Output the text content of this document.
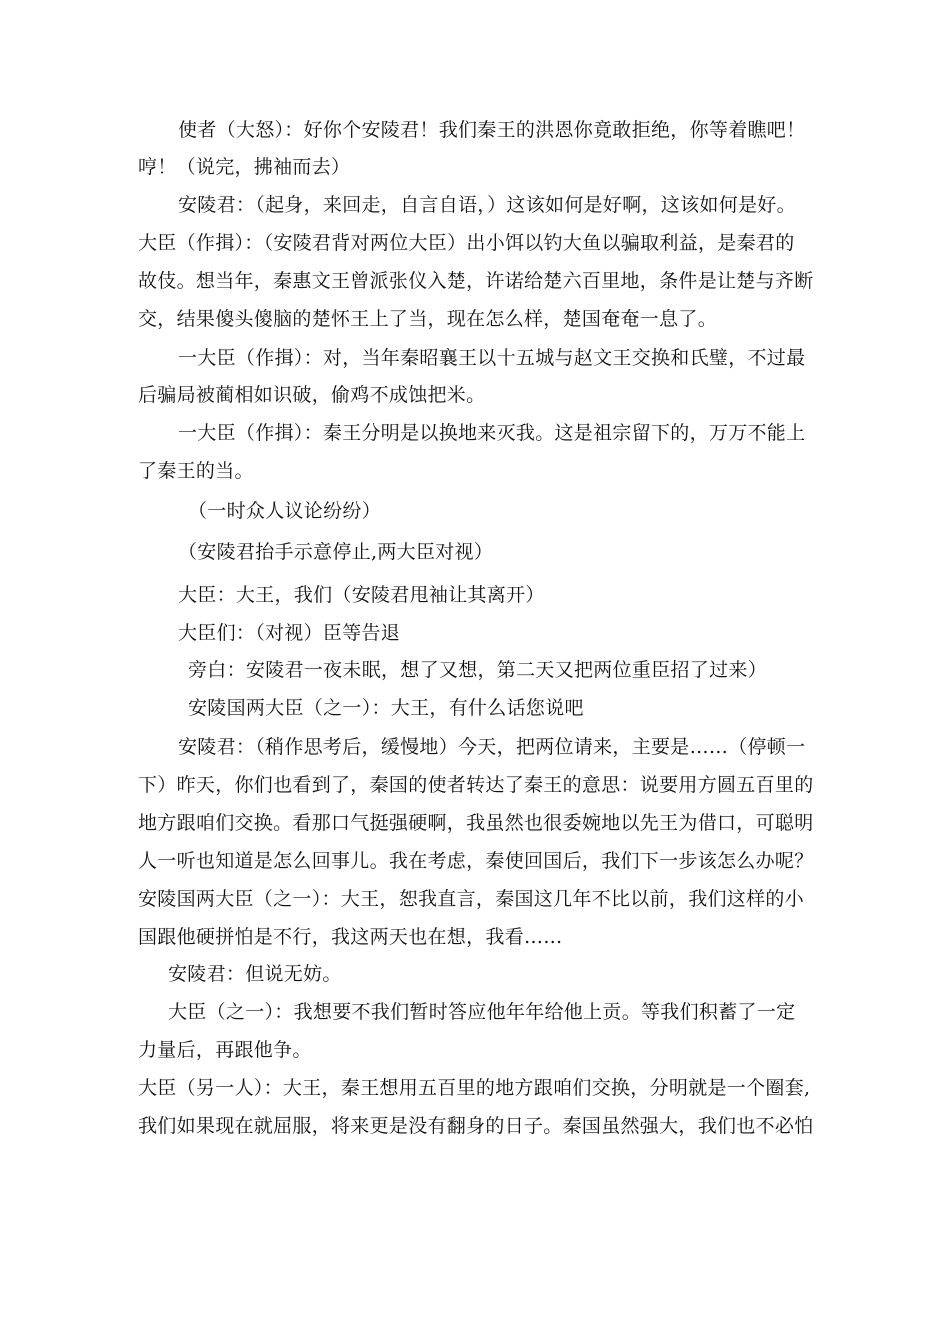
使者（大怒）：好你个安陵君！我们秦王的洪恩你竟敢拒绝，你等着瞧吧！
哼！（说完，拂袖而去）
安陵君：（起身，来回走，自言自语，）这该如何是好啊，这该如何是好。
大臣（作揖）：（安陵君背对两位大臣）出小饵以钓大鱼以骗取利益，是秦君的
故伎。想当年，秦惠文王曾派张仪入楚，许诺给楚六百里地，条件是让楚与齐断
交，结果傻头傻脑的楚怀王上了当，现在怎么样，楚国奄奄一息了。
一大臣（作揖）：对，当年秦昭襄王以十五城与赵文王交换和氏璧，不过最
后骗局被蔺相如识破，偷鸡不成蚀把米。
一大臣（作揖）：秦王分明是以换地来灭我。这是祖宗留下的，万万不能上
了秦王的当。
（一时众人议论纷纷）
（安陵君抬手示意停止,两大臣对视）
大臣：大王，我们（安陵君甩袖让其离开）
大臣们：（对视）臣等告退
旁白：安陵君一夜未眠，想了又想，第二天又把两位重臣招了过来）
安陵国两大臣（之一）：大王，有什么话您说吧
安陵君：（稍作思考后，缓慢地）今天，把两位请来，主要是……（停顿一
下）昨天，你们也看到了，秦国的使者转达了秦王的意思：说要用方圆五百里的
地方跟咱们交换。看那口气挺强硬啊，我虽然也很委婉地以先王为借口，可聪明
人一听也知道是怎么回事儿。我在考虑，秦使回国后，我们下一步该怎么办呢？
安陵国两大臣（之一）：大王，恕我直言，秦国这几年不比以前，我们这样的小
国跟他硬拼怕是不行，我这两天也在想，我看……
安陵君：但说无妨。
大臣（之一）：我想要不我们暂时答应他年年给他上贡。等我们积蓄了一定
力量后，再跟他争。
大臣（另一人）：大王，秦王想用五百里的地方跟咱们交换，分明就是一个圈套,
我们如果现在就屈服，将来更是没有翻身的日子。秦国虽然强大，我们也不必怕
